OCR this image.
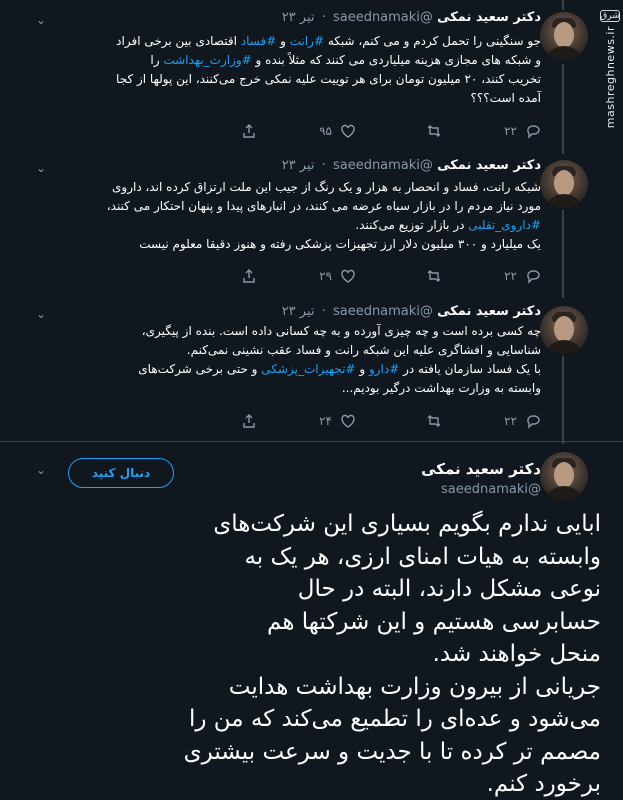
شرق
mashreghnews.ir
دکتر سعید نمکی @saeednamaki · تیر ۲۳
⌄
جو سنگینی را تحمل کردم و می کنم، شبکه #رانت و #فساد اقتصادی بین برخی افراد
و شبکه های مجازی هزینه میلیاردی می کنند که مثلاً بنده و #وزارت_بهداشت را
تخریب کنند، ۲۰ میلیون تومان برای هر توییت علیه نمکی خرج می‌کنند، این پولها از کجا
آمده است؟؟؟
۹۵	۲۲
دکتر سعید نمکی @saeednamaki · تیر ۲۳
⌄
شبکه رانت، فساد و انحصار به هزار و یک رنگ از جیب این ملت ارتزاق کرده اند، داروی
مورد نیاز مردم را در بازار سیاه عرضه می کنند، در انبارهای پیدا و پنهان احتکار می کنند،
#داروی_تقلبی در بازار توزیع می‌کنند.
یک میلیارد و ۳۰۰ میلیون دلار ارز تجهیزات پزشکی رفته و هنوز دقیقا معلوم نیست
۲۹	۲۲
دکتر سعید نمکی @saeednamaki · تیر ۲۳
⌄
چه کسی برده است و چه چیزی آورده و به چه کسانی داده است. بنده از پیگیری،
شناسایی و افشاگری علیه این شبکه رانت و فساد عقب نشینی نمی‌کنم.
با یک فساد سازمان یافته در #دارو و #تجهیزات_پزشکی و حتی برخی شرکت‌های
وابسته به وزارت بهداشت درگیر بودیم...
۲۴	۲۲
دکتر سعید نمکی
@saeednamaki
⌄	دنبال کنید

ابایی ندارم بگویم بسیاری این شرکت‌های

وابسته به هیات امنای ارزی، هر یک به

نوعی مشکل دارند، البته در حال

حسابرسی هستیم و این شرکتها هم

منحل خواهند شد.

جریانی از بیرون وزارت بهداشت هدایت

می‌شود و عده‌ای را تطمیع می‌کند که من را

مصمم تر کرده تا با جدیت و سرعت بیشتری

برخورد کنم.
